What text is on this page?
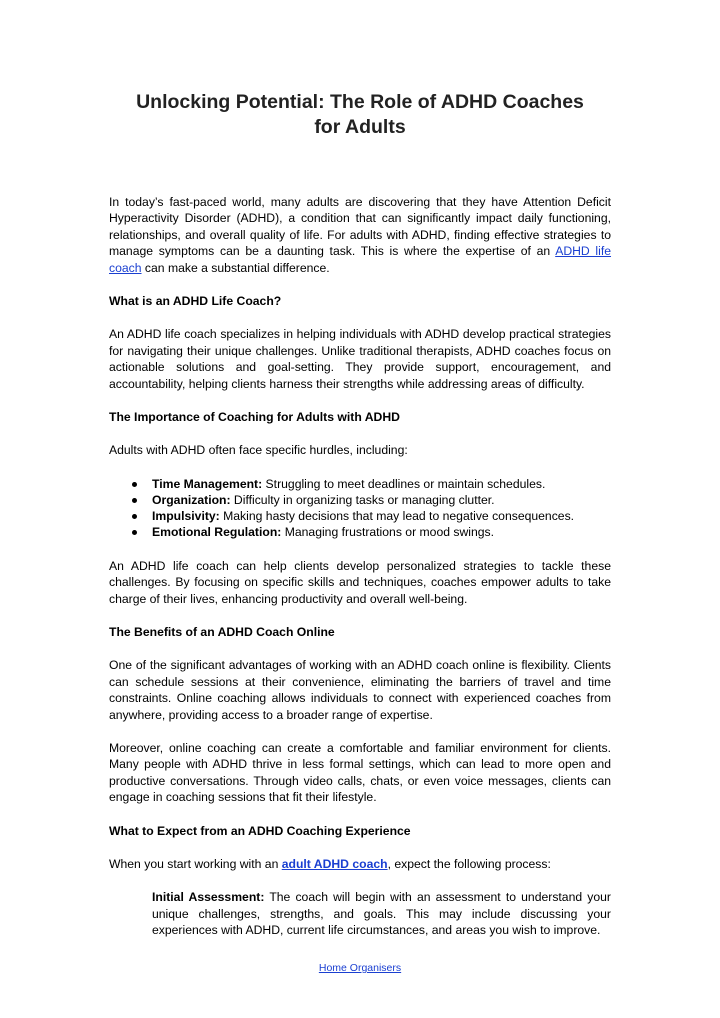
Unlocking Potential: The Role of ADHD Coaches for Adults

In today’s fast-paced world, many adults are discovering that they have Attention Deficit Hyperactivity Disorder (ADHD), a condition that can significantly impact daily functioning, relationships, and overall quality of life. For adults with ADHD, finding effective strategies to manage symptoms can be a daunting task. This is where the expertise of an ADHD life coach can make a substantial difference.

What is an ADHD Life Coach?

An ADHD life coach specializes in helping individuals with ADHD develop practical strategies for navigating their unique challenges. Unlike traditional therapists, ADHD coaches focus on actionable solutions and goal-setting. They provide support, encouragement, and accountability, helping clients harness their strengths while addressing areas of difficulty.

The Importance of Coaching for Adults with ADHD

Adults with ADHD often face specific hurdles, including:

Time Management: Struggling to meet deadlines or maintain schedules.
Organization: Difficulty in organizing tasks or managing clutter.
Impulsivity: Making hasty decisions that may lead to negative consequences.
Emotional Regulation: Managing frustrations or mood swings.

An ADHD life coach can help clients develop personalized strategies to tackle these challenges. By focusing on specific skills and techniques, coaches empower adults to take charge of their lives, enhancing productivity and overall well-being.

The Benefits of an ADHD Coach Online

One of the significant advantages of working with an ADHD coach online is flexibility. Clients can schedule sessions at their convenience, eliminating the barriers of travel and time constraints. Online coaching allows individuals to connect with experienced coaches from anywhere, providing access to a broader range of expertise.

Moreover, online coaching can create a comfortable and familiar environment for clients. Many people with ADHD thrive in less formal settings, which can lead to more open and productive conversations. Through video calls, chats, or even voice messages, clients can engage in coaching sessions that fit their lifestyle.

What to Expect from an ADHD Coaching Experience

When you start working with an adult ADHD coach, expect the following process:

Initial Assessment: The coach will begin with an assessment to understand your unique challenges, strengths, and goals. This may include discussing your experiences with ADHD, current life circumstances, and areas you wish to improve.

Home Organisers
